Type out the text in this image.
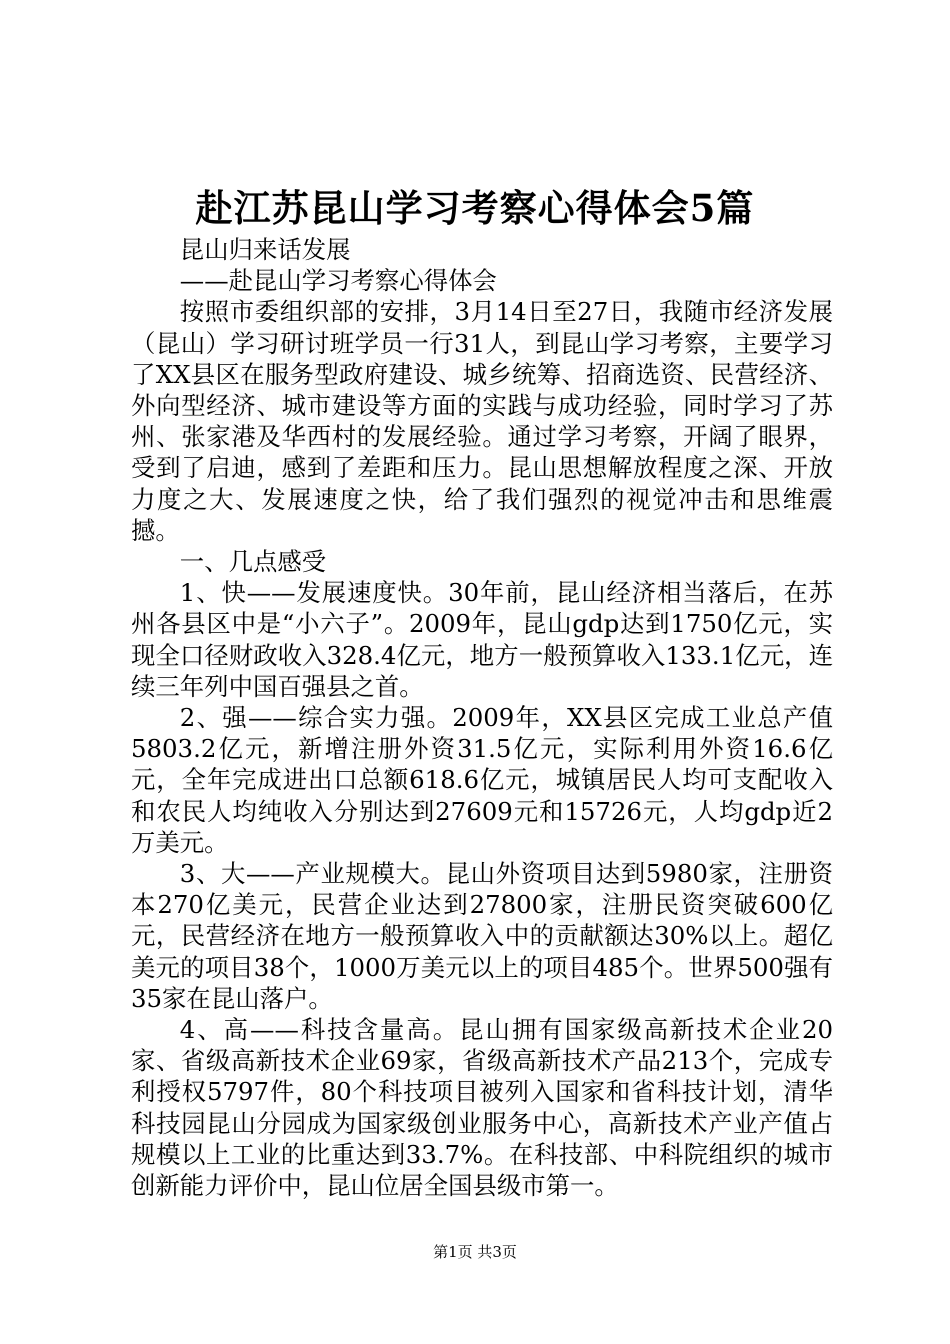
赴江苏昆山学习考察心得体会5篇

昆山归来话发展

——赴昆山学习考察心得体会

按照市委组织部的安排，3月14日至27日，我随市经济发展（昆山）学习研讨班学员一行31人，到昆山学习考察，主要学习了XX县区在服务型政府建设、城乡统筹、招商选资、民营经济、外向型经济、城市建设等方面的实践与成功经验，同时学习了苏州、张家港及华西村的发展经验。通过学习考察，开阔了眼界，受到了启迪，感到了差距和压力。昆山思想解放程度之深、开放力度之大、发展速度之快，给了我们强烈的视觉冲击和思维震撼。

一、几点感受

1、快——发展速度快。30年前，昆山经济相当落后，在苏州各县区中是“小六子”。2009年，昆山gdp达到1750亿元，实现全口径财政收入328.4亿元，地方一般预算收入133.1亿元，连续三年列中国百强县之首。

2、强——综合实力强。2009年，XX县区完成工业总产值5803.2亿元，新增注册外资31.5亿元，实际利用外资16.6亿元，全年完成进出口总额618.6亿元，城镇居民人均可支配收入和农民人均纯收入分别达到27609元和15726元，人均gdp近2万美元。

3、大——产业规模大。昆山外资项目达到5980家，注册资本270亿美元，民营企业达到27800家，注册民资突破600亿元，民营经济在地方一般预算收入中的贡献额达30%以上。超亿美元的项目38个，1000万美元以上的项目485个。世界500强有35家在昆山落户。

4、高——科技含量高。昆山拥有国家级高新技术企业20家、省级高新技术企业69家，省级高新技术产品213个，完成专利授权5797件，80个科技项目被列入国家和省科技计划，清华科技园昆山分园成为国家级创业服务中心，高新技术产业产值占规模以上工业的比重达到33.7%。在科技部、中科院组织的城市创新能力评价中，昆山位居全国县级市第一。

第1页 共3页
